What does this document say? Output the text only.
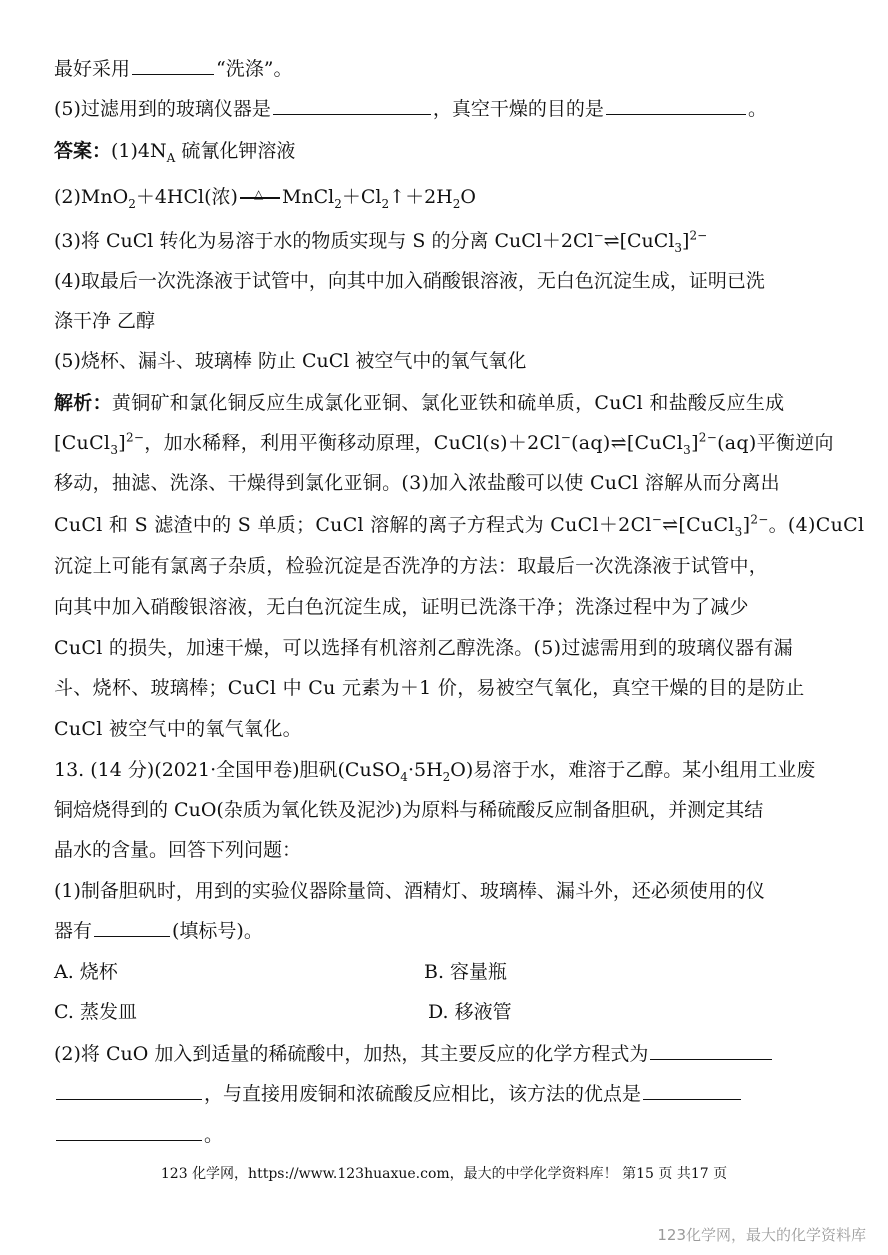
最好采用	“洗涤”。
(5)过滤用到的玻璃仪器是	，真空干燥的目的是	。
答案：$(1)4N_A$ 硫氰化钾溶液
(2)MnO$_2$＋4HCl(浓) △ $MnCl_2+Cl_2↑+2H_2O$
(3)将 CuCl 转化为易溶于水的物质实现与 S 的分离 CuCl＋2Cl−⇌[CuCl$_3$]$^{2-}$
(4)取最后一次洗涤液于试管中，向其中加入硝酸银溶液，无白色沉淀生成，证明已洗
涤干净 乙醇
(5)烧杯、漏斗、玻璃棒 防止 CuCl 被空气中的氧气氧化
解析：黄铜矿和氯化铜反应生成氯化亚铜、氯化亚铁和硫单质，CuCl 和盐酸反应生成
[CuCl$_3$]$^{2-}$，加水稀释，利用平衡移动原理，CuCl(s)＋2Cl−(aq)⇌[CuCl$_3$]$^{2-}$(aq)平衡逆向
移动，抽滤、洗涤、干燥得到氯化亚铜。(3)加入浓盐酸可以使 CuCl 溶解从而分离出
CuCl 和 S 滤渣中的 S 单质；CuCl 溶解的离子方程式为 CuCl＋2Cl−⇌[CuCl$_3$]$^{2-}$。(4)CuCl
沉淀上可能有氯离子杂质，检验沉淀是否洗净的方法：取最后一次洗涤液于试管中，
向其中加入硝酸银溶液，无白色沉淀生成，证明已洗涤干净；洗涤过程中为了减少
CuCl 的损失，加速干燥，可以选择有机溶剂乙醇洗涤。(5)过滤需用到的玻璃仪器有漏
斗、烧杯、玻璃棒；CuCl 中 Cu 元素为＋1 价，易被空气氧化，真空干燥的目的是防止
CuCl 被空气中的氧气氧化。
13. (14 分)(2021·全国甲卷)胆矾$(CuSO_4\cdot 5H_2O)$易溶于水，难溶于乙醇。某小组用工业废
铜焙烧得到的 CuO(杂质为氧化铁及泥沙)为原料与稀硫酸反应制备胆矾，并测定其结
晶水的含量。回答下列问题：
(1)制备胆矾时，用到的实验仪器除量筒、酒精灯、玻璃棒、漏斗外，还必须使用的仪
器有	(填标号)。
A. 烧杯	B. 容量瓶
C. 蒸发皿	D. 移液管
(2)将 CuO 加入到适量的稀硫酸中，加热，其主要反应的化学方程式为
，与直接用废铜和浓硫酸反应相比，该方法的优点是
。
123 化学网，https://www.123huaxue.com，最大的中学化学资料库！ 第15 页 共17 页
123化学网，最大的化学资料库
